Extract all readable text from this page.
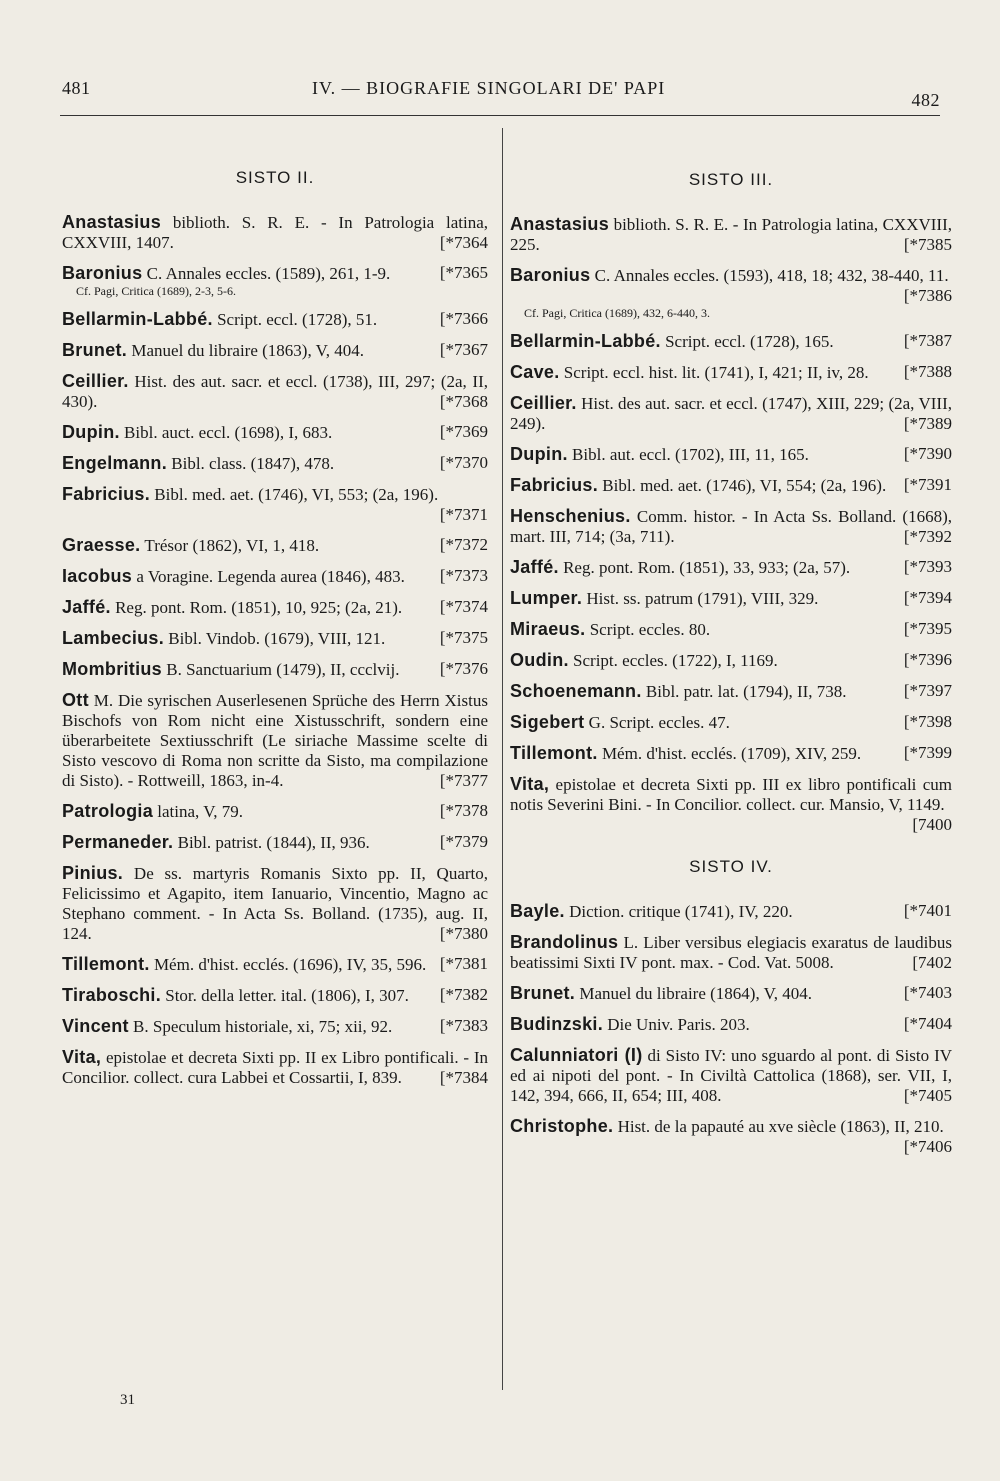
481	IV. — BIOGRAFIE SINGOLARI DE' PAPI
482
SISTO II.
Anastasius biblioth. S. R. E. - In Patrologia latina, CXXVIII, 1407.	[*7364
Baronius C. Annales eccles. (1589), 261, 1-9.	[*7365
Cf. Pagi, Critica (1689), 2-3, 5-6.
Bellarmin-Labbé. Script. eccl. (1728), 51.	[*7366
Brunet. Manuel du libraire (1863), V, 404.	[*7367
Ceillier. Hist. des aut. sacr. et eccl. (1738), III, 297; (2a, II, 430).	[*7368
Dupin. Bibl. auct. eccl. (1698), I, 683.	[*7369
Engelmann. Bibl. class. (1847), 478.	[*7370
Fabricius. Bibl. med. aet. (1746), VI, 553; (2a, 196).
[*7371
Graesse. Trésor (1862), VI, 1, 418.	[*7372
Iacobus a Voragine. Legenda aurea (1846), 483. [*7373
Jaffé. Reg. pont. Rom. (1851), 10, 925; (2a, 21). [*7374
Lambecius. Bibl. Vindob. (1679), VIII, 121.	[*7375
Mombritius B. Sanctuarium (1479), II, ccclvij. [*7376
Ott M. Die syrischen Auserlesenen Sprüche des Herrn Xistus Bischofs von Rom nicht eine Xistusschrift, sondern eine überarbeitete Sextiusschrift (Le siriache Massime scelte di Sisto vescovo di Roma non scritte da Sisto, ma compilazione di Sisto). - Rottweill, 1863, in-4.	[*7377
Patrologia latina, V, 79.	[*7378
Permaneder. Bibl. patrist. (1844), II, 936.	[*7379
Pinius. De ss. martyris Romanis Sixto pp. II, Quarto, Felicissimo et Agapito, item Ianuario, Vincentio, Magno ac Stephano comment. - In Acta Ss. Bolland. (1735), aug. II, 124.	[*7380
Tillemont. Mém. d'hist. ecclés. (1696), IV, 35, 596. [*7381
Tiraboschi. Stor. della letter. ital. (1806), I, 307. [*7382
Vincent B. Speculum historiale, xi, 75; xii, 92.	[*7383
Vita, epistolae et decreta Sixti pp. II ex Libro pontificali. - In Concilior. collect. cura Labbei et Cossartii, I, 839. [*7384
SISTO III.
Anastasius biblioth. S. R. E. - In Patrologia latina, CXXVIII, 225.	[*7385
Baronius C. Annales eccles. (1593), 418, 18; 432, 38-440, 11.
[*7386
Cf. Pagi, Critica (1689), 432, 6-440, 3.
Bellarmin-Labbé. Script. eccl. (1728), 165.	[*7387
Cave. Script. eccl. hist. lit. (1741), I, 421; II, iv, 28. [*7388
Ceillier. Hist. des aut. sacr. et eccl. (1747), XIII, 229; (2a, VIII, 249).	[*7389
Dupin. Bibl. aut. eccl. (1702), III, 11, 165.	[*7390
Fabricius. Bibl. med. aet. (1746), VI, 554; (2a, 196). [*7391
Henschenius. Comm. histor. - In Acta Ss. Bolland. (1668), mart. III, 714; (3a, 711).	[*7392
Jaffé. Reg. pont. Rom. (1851), 33, 933; (2a, 57).	[*7393
Lumper. Hist. ss. patrum (1791), VIII, 329.	[*7394
Miraeus. Script. eccles. 80.	[*7395
Oudin. Script. eccles. (1722), I, 1169.	[*7396
Schoenemann. Bibl. patr. lat. (1794), II, 738.	[*7397
Sigebert G. Script. eccles. 47.	[*7398
Tillemont. Mém. d'hist. ecclés. (1709), XIV, 259.	[*7399
Vita, epistolae et decreta Sixti pp. III ex libro pontificali cum notis Severini Bini. - In Concilior. collect. cur. Mansio, V, 1149.
[7400
SISTO IV.
Bayle. Diction. critique (1741), IV, 220.	[*7401
Brandolinus L. Liber versibus elegiacis exaratus de laudibus beatissimi Sixti IV pont. max. - Cod. Vat. 5008.	[7402
Brunet. Manuel du libraire (1864), V, 404.	[*7403
Budinzski. Die Univ. Paris. 203.	[*7404
Calunniatori (I) di Sisto IV: uno sguardo al pont. di Sisto IV ed ai nipoti del pont. - In Civiltà Cattolica (1868), ser. VII, I, 142, 394, 666, II, 654; III, 408.	[*7405
Christophe. Hist. de la papauté au xve siècle (1863), II, 210.
[*7406
31
